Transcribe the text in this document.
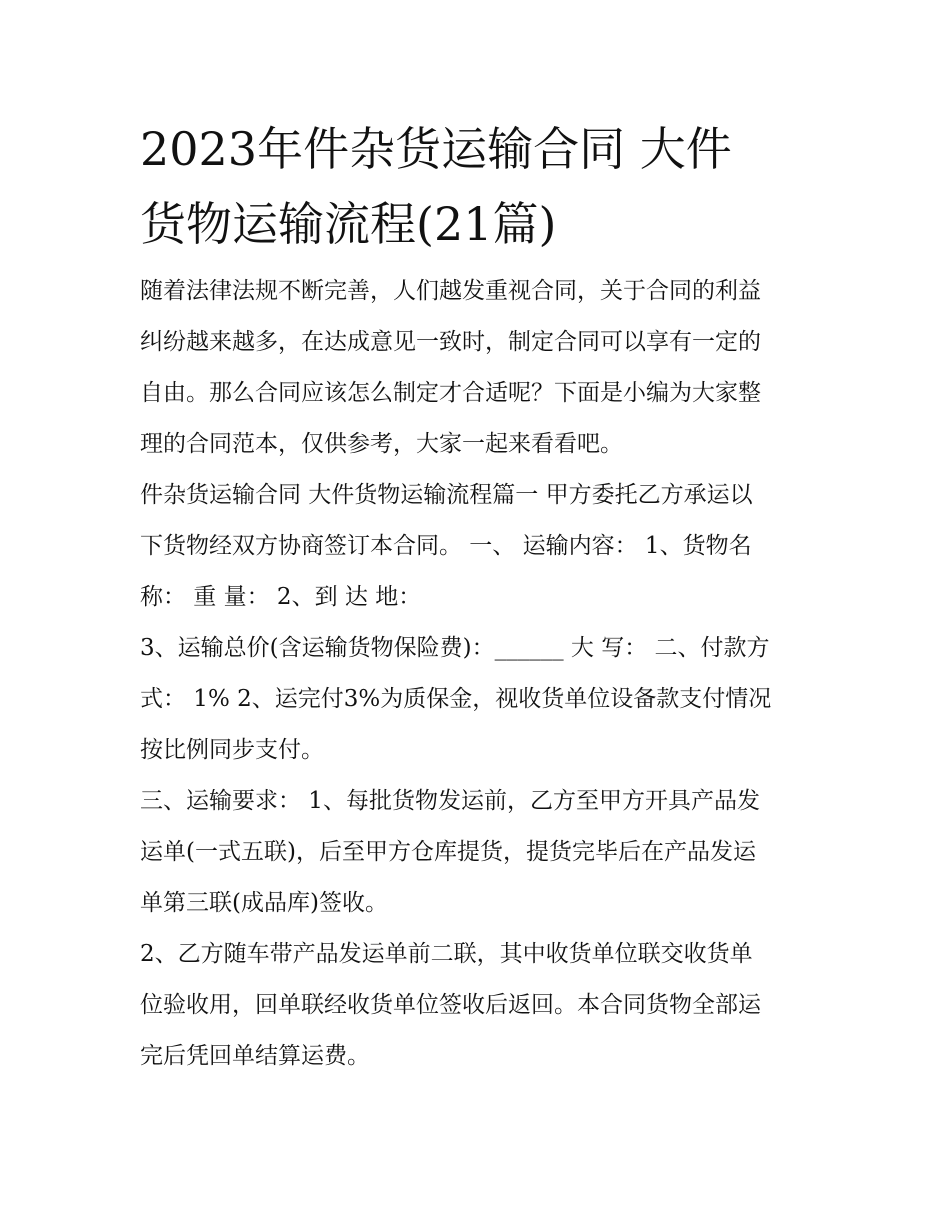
2023年件杂货运输合同 大件
货物运输流程(21篇)

随着法律法规不断完善，人们越发重视合同，关于合同的利益
纠纷越来越多，在达成意见一致时，制定合同可以享有一定的
自由。那么合同应该怎么制定才合适呢？下面是小编为大家整
理的合同范本，仅供参考，大家一起来看看吧。

件杂货运输合同 大件货物运输流程篇一 甲方委托乙方承运以
下货物经双方协商签订本合同。 一、 运输内容： 1、货物名
称： 重 量： 2、到 达 地：

3、运输总价(含运输货物保险费)：______ 大 写： 二、付款方
式： 1% 2、运完付3%为质保金，视收货单位设备款支付情况
按比例同步支付。

三、运输要求： 1、每批货物发运前，乙方至甲方开具产品发
运单(一式五联)，后至甲方仓库提货，提货完毕后在产品发运
单第三联(成品库)签收。

2、乙方随车带产品发运单前二联，其中收货单位联交收货单
位验收用，回单联经收货单位签收后返回。本合同货物全部运
完后凭回单结算运费。
